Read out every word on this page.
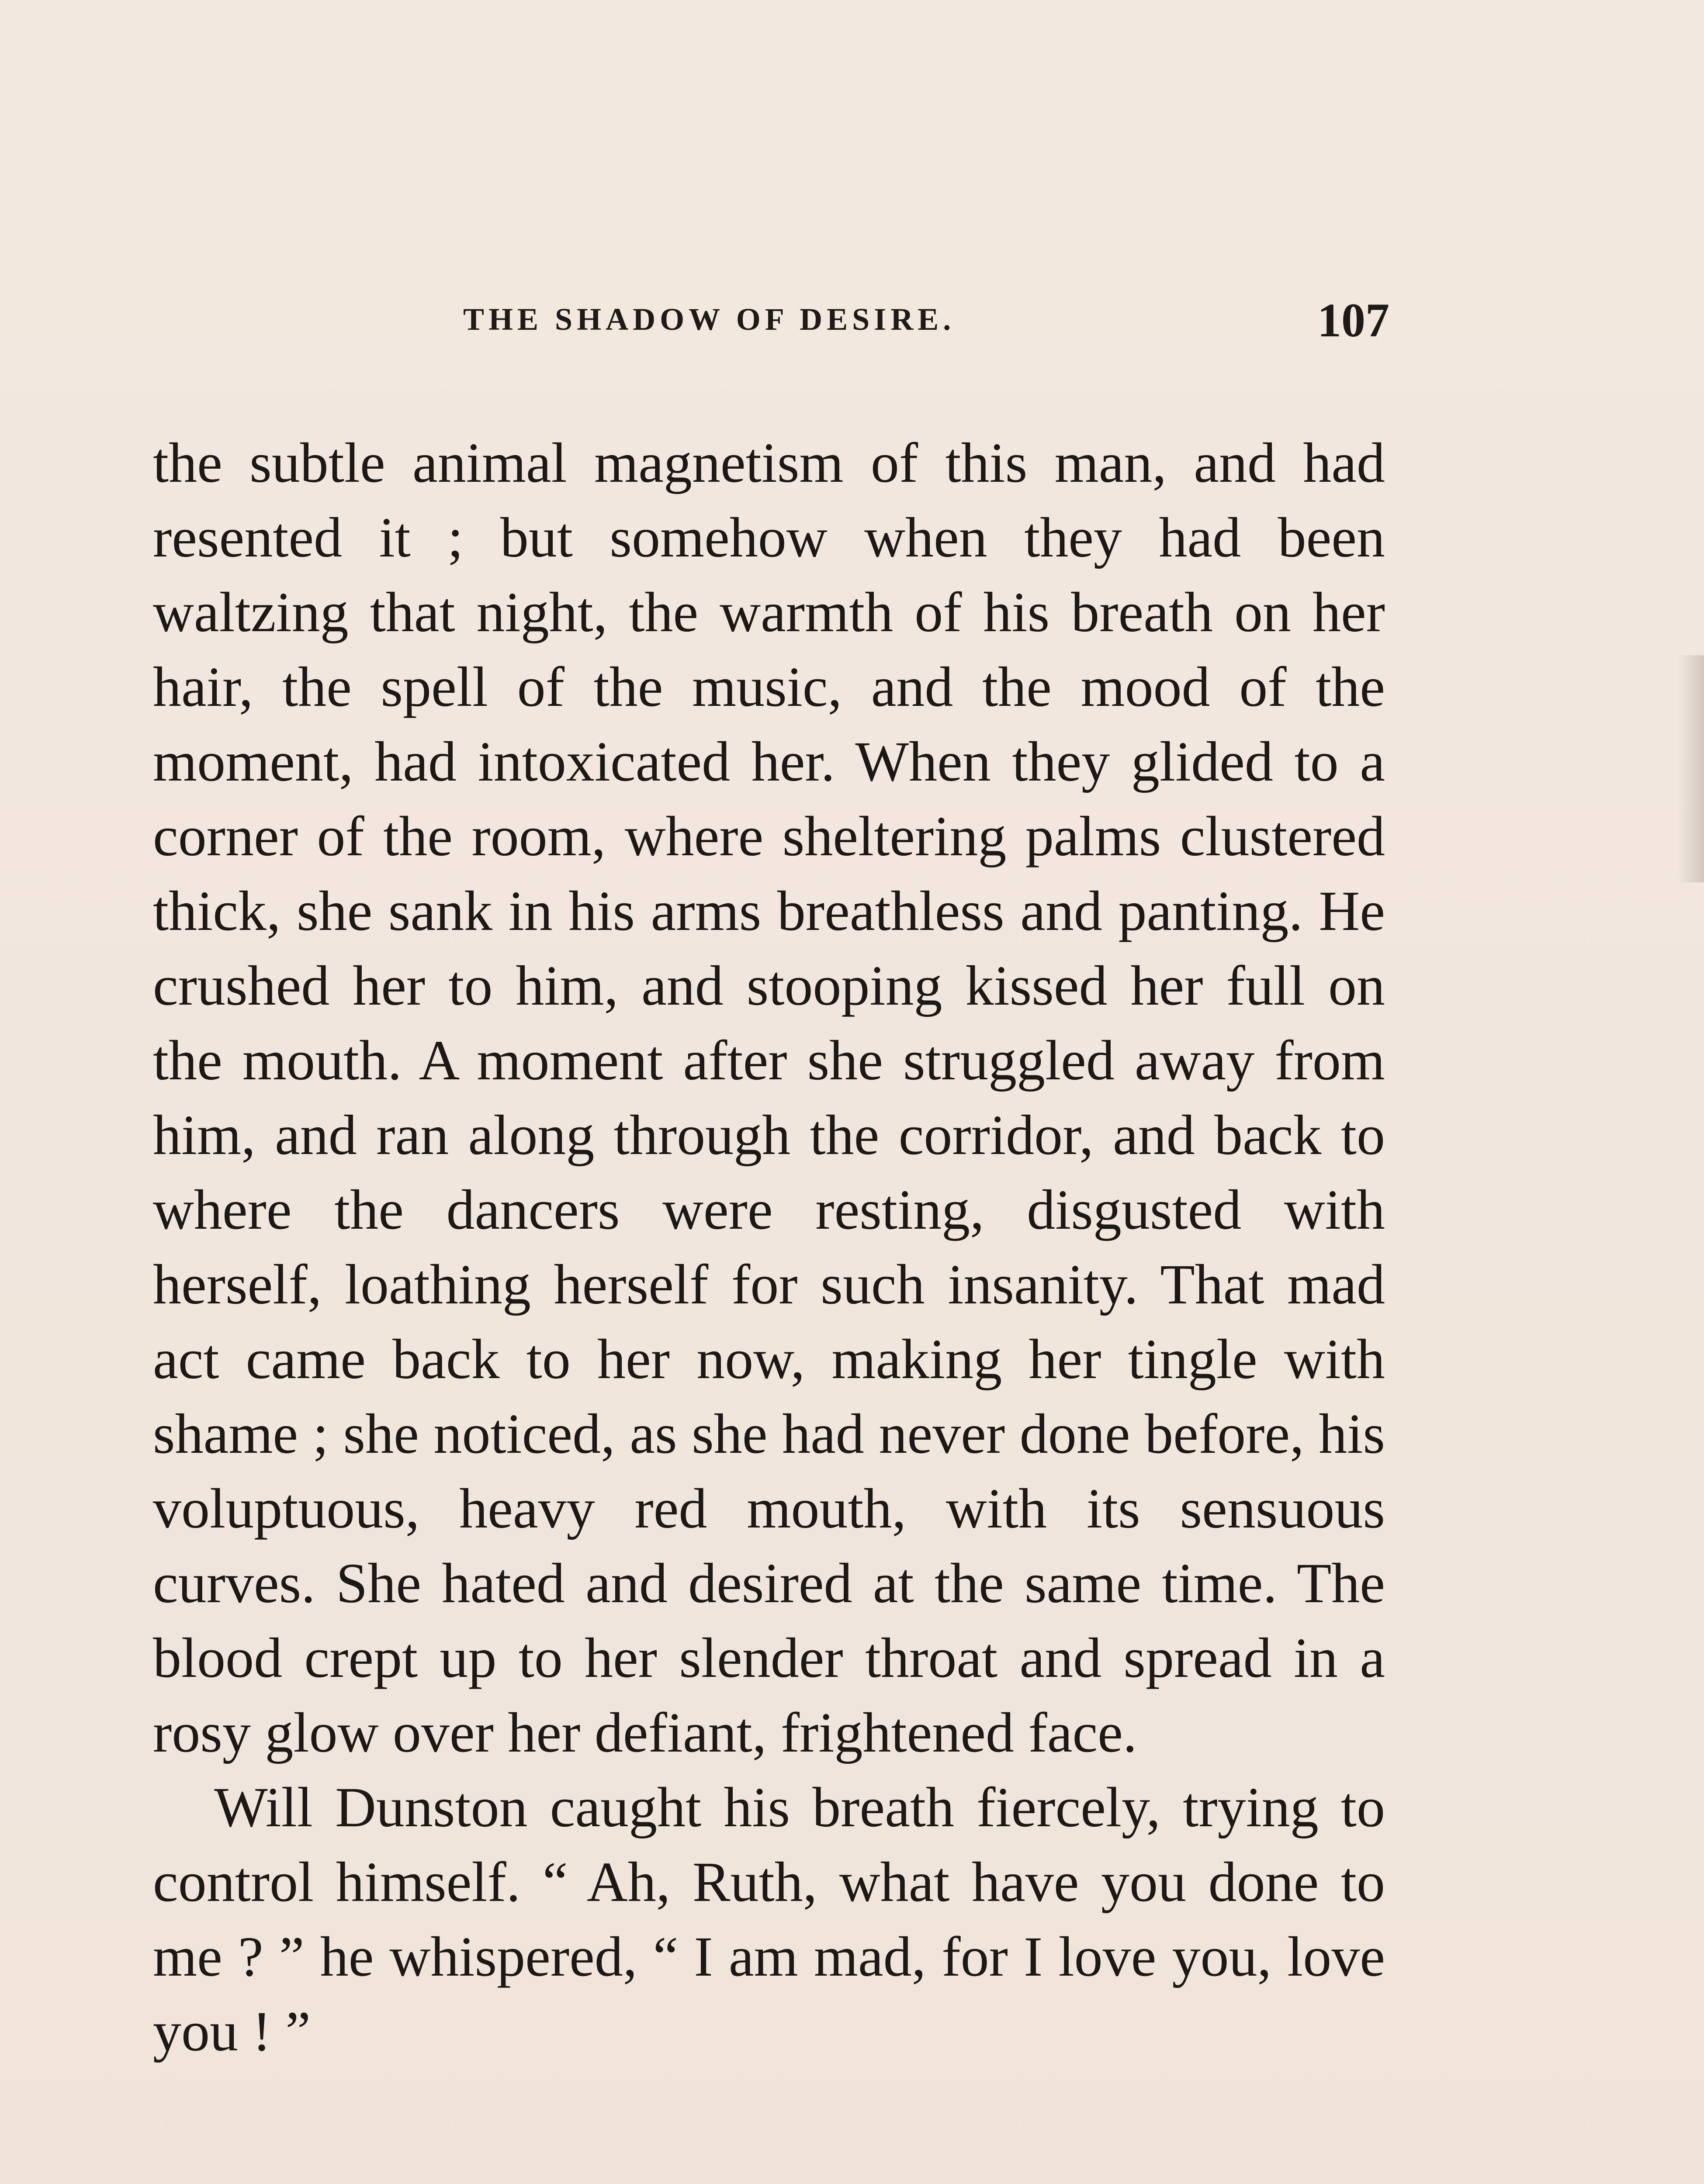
THE SHADOW OF DESIRE.	107

the subtle animal magnetism of this man, and had resented it ; but somehow when they had been waltzing that night, the warmth of his breath on her hair, the spell of the music, and the mood of the moment, had intoxicated her. When they glided to a corner of the room, where sheltering palms clustered thick, she sank in his arms breathless and panting. He crushed her to him, and stooping kissed her full on the mouth. A moment after she struggled away from him, and ran along through the corridor, and back to where the dancers were resting, disgusted with herself, loathing herself for such insanity. That mad act came back to her now, making her tingle with shame ; she noticed, as she had never done before, his voluptuous, heavy red mouth, with its sensuous curves. She hated and desired at the same time. The blood crept up to her slender throat and spread in a rosy glow over her defiant, frightened face.

Will Dunston caught his breath fiercely, trying to control himself. “ Ah, Ruth, what have you done to me ? ” he whispered, “ I am mad, for I love you, love you ! ”
